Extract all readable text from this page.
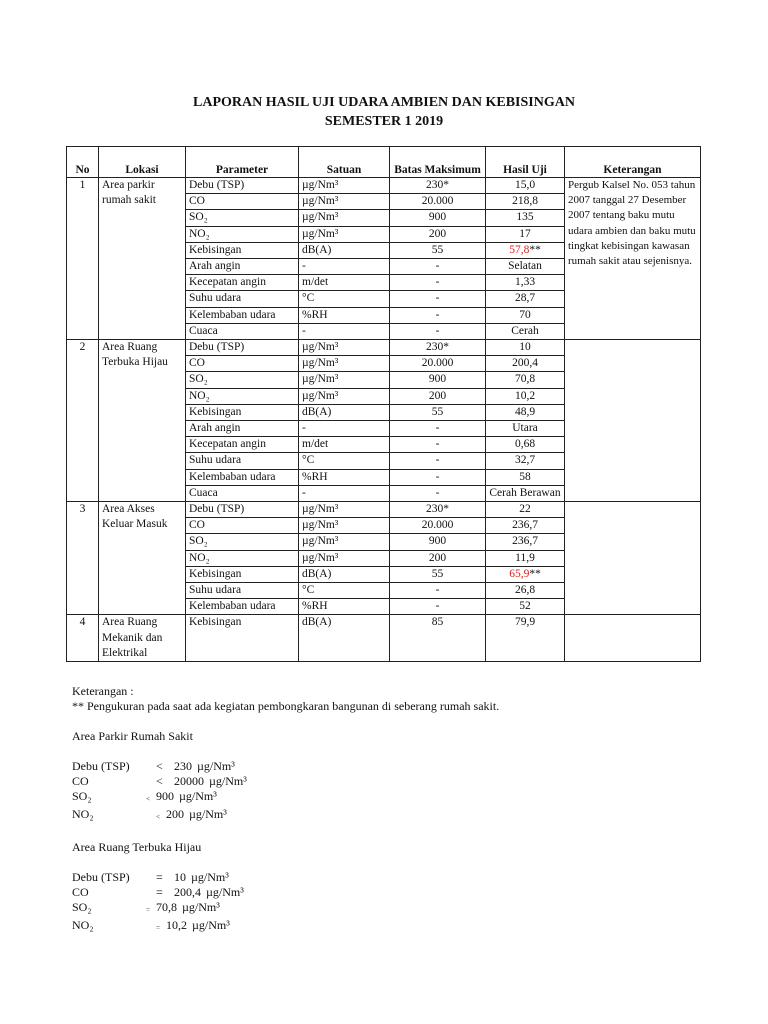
LAPORAN HASIL UJI UDARA AMBIEN DAN KEBISINGAN
SEMESTER 1 2019
No	Lokasi	Parameter	Satuan	Batas Maksimum	Hasil Uji	Keterangan
1	Area parkir rumah sakit	Debu (TSP)	µg/Nm³	230*	15,0	Pergub Kalsel No. 053 tahun 2007 tanggal 27 Desember 2007 tentang baku mutu udara ambien dan baku mutu tingkat kebisingan kawasan rumah sakit atau sejenisnya.
		CO	µg/Nm³	20.000	218,8	
		SO₂	µg/Nm³	900	135	
		NO₂	µg/Nm³	200	17	
		Kebisingan	dB(A)	55	57,8**	
		Arah angin	-	-	Selatan	
		Kecepatan angin	m/det	-	1,33	
		Suhu udara	°C	-	28,7	
		Kelembaban udara	%RH	-	70	
		Cuaca	-	-	Cerah	
2	Area Ruang Terbuka Hijau	Debu (TSP)	µg/Nm³	230*	10	
		CO	µg/Nm³	20.000	200,4	
		SO₂	µg/Nm³	900	70,8	
		NO₂	µg/Nm³	200	10,2	
		Kebisingan	dB(A)	55	48,9	
		Arah angin	-	-	Utara	
		Kecepatan angin	m/det	-	0,68	
		Suhu udara	°C	-	32,7	
		Kelembaban udara	%RH	-	58	
		Cuaca	-	-	Cerah Berawan	
3	Area Akses Keluar Masuk	Debu (TSP)	µg/Nm³	230*	22	
		CO	µg/Nm³	20.000	236,7	
		SO₂	µg/Nm³	900	236,7	
		NO₂	µg/Nm³	200	11,9	
		Kebisingan	dB(A)	55	65,9**	
		Suhu udara	°C	-	26,8	
		Kelembaban udara	%RH	-	52	
4	Area Ruang Mekanik dan Elektrikal	Kebisingan	dB(A)	85	79,9	
Keterangan :
** Pengukuran pada saat ada kegiatan pembongkaran bangunan di seberang rumah sakit.
Area Parkir Rumah Sakit
Debu (TSP)	< 230 µg/Nm³
CO	< 20000 µg/Nm³
SO₂	< 900 µg/Nm³
NO₂	< 200 µg/Nm³
Area Ruang Terbuka Hijau
Debu (TSP)	= 10 µg/Nm³
CO	= 200,4 µg/Nm³
SO₂	= 70,8 µg/Nm³
NO₂	= 10,2 µg/Nm³
